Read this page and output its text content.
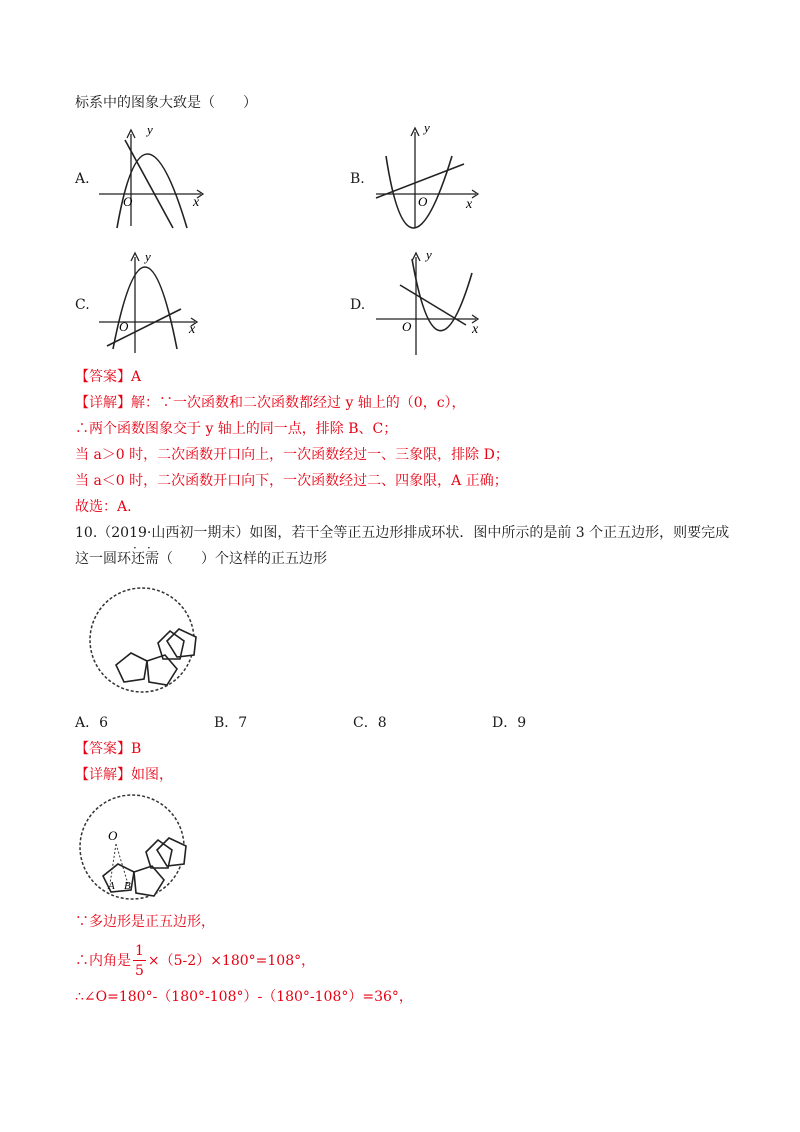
标系中的图象大致是（　　）
A.
y
x
O
B.
y
x
O
C.
y
x
O
D.
y
x
O
【答案】A
【详解】解：∵一次函数和二次函数都经过 y 轴上的（0，c），
∴两个函数图象交于 y 轴上的同一点，排除 B、C；
当 a＞0 时，二次函数开口向上，一次函数经过一、三象限，排除 D；
当 a＜0 时，二次函数开口向下，一次函数经过二、四象限，A 正确；
故选：A.
10.（2019·山西初一期末）如图，若干全等正五边形排成环状．图中所示的是前 3 个正五边形，则要完成
这一圆环还需（　　）个这样的正五边形
A．6	B．7	C．8	D．9
【答案】B
【详解】如图，
O
A B
∵多边形是正五边形，
∴内角是 $\frac{1}{5} \times(5-2)\times 180^\circ=108^\circ$，
∴∠O=180°-（180°-108°）-（180°-108°）=36°，
